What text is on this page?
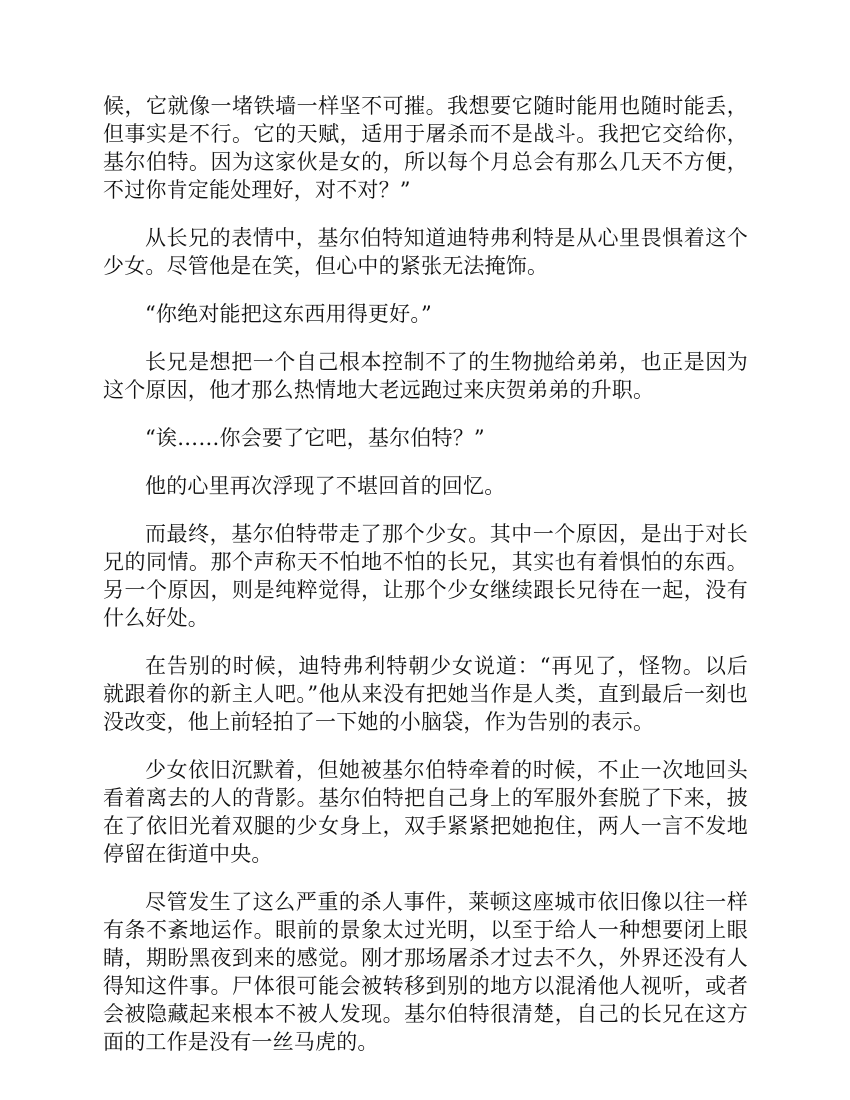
候，它就像一堵铁墙一样坚不可摧。我想要它随时能用也随时能丢，但事实是不行。它的天赋，适用于屠杀而不是战斗。我把它交给你，基尔伯特。因为这家伙是女的，所以每个月总会有那么几天不方便，不过你肯定能处理好，对不对？”

从长兄的表情中，基尔伯特知道迪特弗利特是从心里畏惧着这个少女。尽管他是在笑，但心中的紧张无法掩饰。

“你绝对能把这东西用得更好。”

长兄是想把一个自己根本控制不了的生物抛给弟弟，也正是因为这个原因，他才那么热情地大老远跑过来庆贺弟弟的升职。

“诶……你会要了它吧，基尔伯特？”

他的心里再次浮现了不堪回首的回忆。

而最终，基尔伯特带走了那个少女。其中一个原因，是出于对长兄的同情。那个声称天不怕地不怕的长兄，其实也有着惧怕的东西。另一个原因，则是纯粹觉得，让那个少女继续跟长兄待在一起，没有什么好处。

在告别的时候，迪特弗利特朝少女说道：“再见了，怪物。以后就跟着你的新主人吧。”他从来没有把她当作是人类，直到最后一刻也没改变，他上前轻拍了一下她的小脑袋，作为告别的表示。

少女依旧沉默着，但她被基尔伯特牵着的时候，不止一次地回头看着离去的人的背影。基尔伯特把自己身上的军服外套脱了下来，披在了依旧光着双腿的少女身上，双手紧紧把她抱住，两人一言不发地停留在街道中央。

尽管发生了这么严重的杀人事件，莱顿这座城市依旧像以往一样有条不紊地运作。眼前的景象太过光明，以至于给人一种想要闭上眼睛，期盼黑夜到来的感觉。刚才那场屠杀才过去不久，外界还没有人得知这件事。尸体很可能会被转移到别的地方以混淆他人视听，或者会被隐藏起来根本不被人发现。基尔伯特很清楚，自己的长兄在这方面的工作是没有一丝马虎的。
